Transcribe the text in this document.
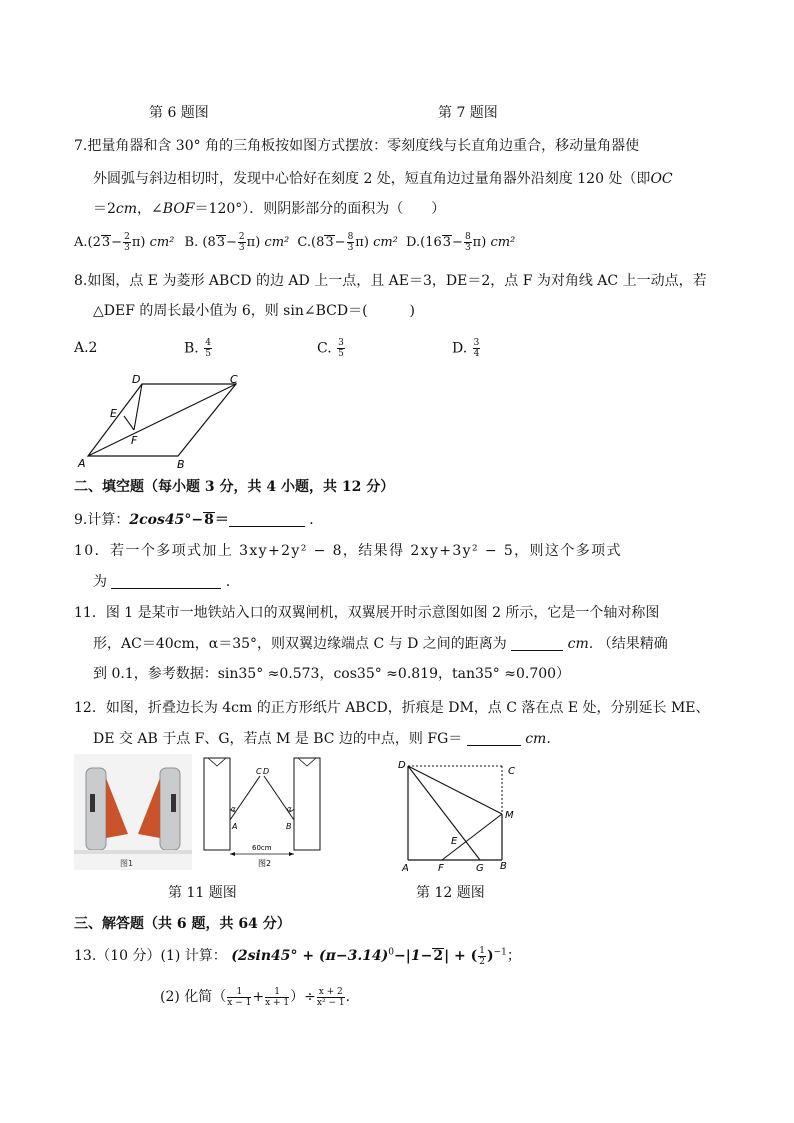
第 6 题图	第 7 题图
7.把量角器和含 30° 角的三角板按如图方式摆放：零刻度线与长直角边重合，移动量角器使
外圆弧与斜边相切时，发现中心恰好在刻度 2 处，短直角边过量角器外沿刻度 120 处（即OC
＝2cm，∠BOF＝120°）．则阴影部分的面积为（　　）
$A.(23- \frac{2}{3} \pi)$ cm² B. $(83- \frac{2}{3} \pi)$ cm² $C.(83- \frac{8}{3} \pi)$ cm² $D.(163- \frac{8}{3} \pi)$ cm²
8.如图，点 E 为菱形 ABCD 的边 AD 上一点，且 AE＝3，DE＝2，点 F 为对角线 AC 上一动点，若
△DEF 的周长最小值为 6，则 sin∠BCD＝(　　　)
A.2	B. $\frac{4}{5}$	C. $\frac{3}{5}$	D. $\frac{3}{4}$
A	B
C
D
E
F
二、填空题（每小题 3 分，共 4 小题，共 12 分）
9.计算：2cos45°−8＝	．
10．若一个多项式加上 3xy+2y² − 8，结果得 2xy+3y² − 5，则这个多项式
为	．
11．图 1 是某市一地铁站入口的双翼闸机，双翼展开时示意图如图 2 所示，它是一个轴对称图
形，AC＝40cm，α＝35°，则双翼边缘端点 C 与 D 之间的距离为	cm. （结果精确
到 0.1，参考数据：sin35° ≈0.573，cos35° ≈0.819，tan35° ≈0.700）
12．如图，折叠边长为 4cm 的正方形纸片 ABCD，折痕是 DM，点 C 落在点 E 处，分别延长 ME、
DE 交 AB 于点 F、G，若点 M 是 BC 边的中点，则 FG＝	cm.
图1
C D
α	α
A	B
60cm
图2
D
C
M
E
A	F	G B
第 11 题图	第 12 题图
三、解答题（共 6 题，共 64 分）
13.（10 分）(1) 计算： ($2\sin 45^\circ + (\pi-3.14)^0-|1-2|$ + ( $\frac{1}{2} )^{-1}$；
(2) 化简（ $\frac{1}{x - 1} + \frac{1}{x + 1}$ ）÷ $\frac{x + 2}{\text{x² − 1}}$ .
